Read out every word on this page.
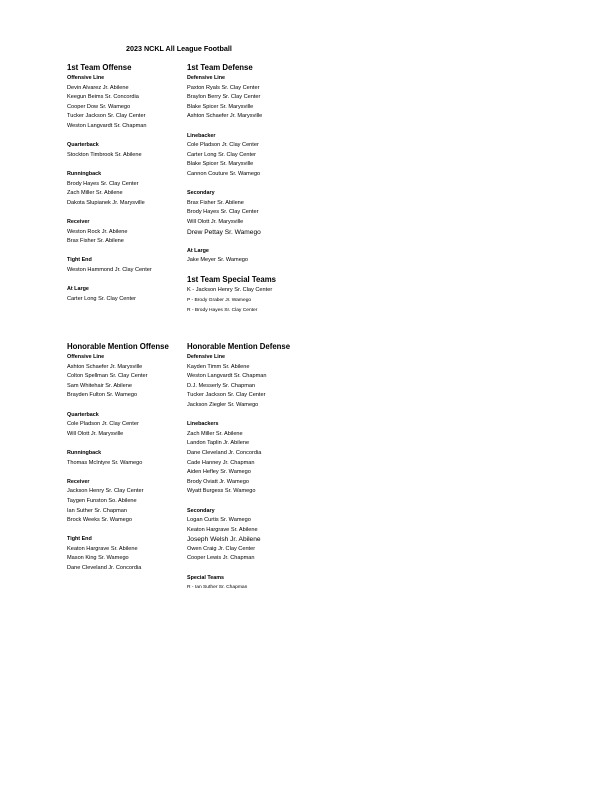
2023 NCKL All League Football
1st Team Offense
Offensive Line
Devin Alvarez Jr. Abilene
Keegun Beims Sr. Concordia
Cooper Dow Sr. Wamego
Tucker Jackson Sr. Clay Center
Weston Langvardt Sr. Chapman
Quarterback
Stockton Timbrook Sr. Abilene
Runningback
Brody Hayes Sr. Clay Center
Zach Miller Sr. Abilene
Dakota Slupianek Jr. Marysville
Receiver
Weston Rock Jr. Abilene
Brax Fisher Sr. Abilene
Tight End
Weston Hammond Jr. Clay Center
At Large
Carter Long Sr. Clay Center
1st Team Defense
Defensive Line
Paxton Ryals Sr. Clay Center
Braylon Berry Sr. Clay Center
Blake Spicer Sr. Marysville
Ashton Schaefer Jr. Marysville
Linebacker
Cole Pladson Jr. Clay Center
Carter Long Sr. Clay Center
Blake Spicer Sr. Marysville
Cannon Couture Sr. Wamego
Secondary
Brax Fisher Sr. Abilene
Brody Hayes Sr. Clay Center
Will Olott Jr. Marysville
Drew Pettay Sr. Wamego
At Large
Jake Meyer Sr. Wamego
1st Team Special Teams
K - Jackson Henry Sr. Clay Center
P - Brody Graber Jr. Wamego
R - Brody Hayes Sr. Clay Center
Honorable Mention Offense
Offensive Line
Ashton Schaefer Jr. Marysville
Colton Spellman Sr. Clay Center
Sam Whitehair Sr. Abilene
Brayden Fulton Sr. Wamego
Quarterback
Cole Pladson Jr. Clay Center
Will Olott Jr. Marysville
Runningback
Thomas McIntyre Sr. Wamego
Receiver
Jackson Henry Sr. Clay Center
Taygen Funston So. Abilene
Ian Suther Sr. Chapman
Brock Weeks Sr. Wamego
Tight End
Keaton Hargrave Sr. Abilene
Mason King Sr. Wamego
Dane Cleveland Jr. Concordia
Honorable Mention Defense
Defensive Line
Kayden Timm Sr. Abilene
Weston Langvardt Sr. Chapman
D.J. Messerly Sr. Chapman
Tucker Jackson Sr. Clay Center
Jackson Ziegler Sr. Wamego
Linebackers
Zach Miller Sr. Abilene
Landon Taplin Jr. Abilene
Dane Cleveland Jr. Concordia
Cade Hanney Jr. Chapman
Aiden Hefley Sr. Wamego
Brody Oviatt Jr. Wamego
Wyatt Burgess Sr. Wamego
Secondary
Logan Curtis Sr. Wamego
Keaton Hargrave Sr. Abilene
Joseph Welsh Jr. Abilene
Owen Craig Jr. Clay Center
Cooper Lewis Jr. Chapman
Special Teams
R - Ian Suther Sr. Chapman
